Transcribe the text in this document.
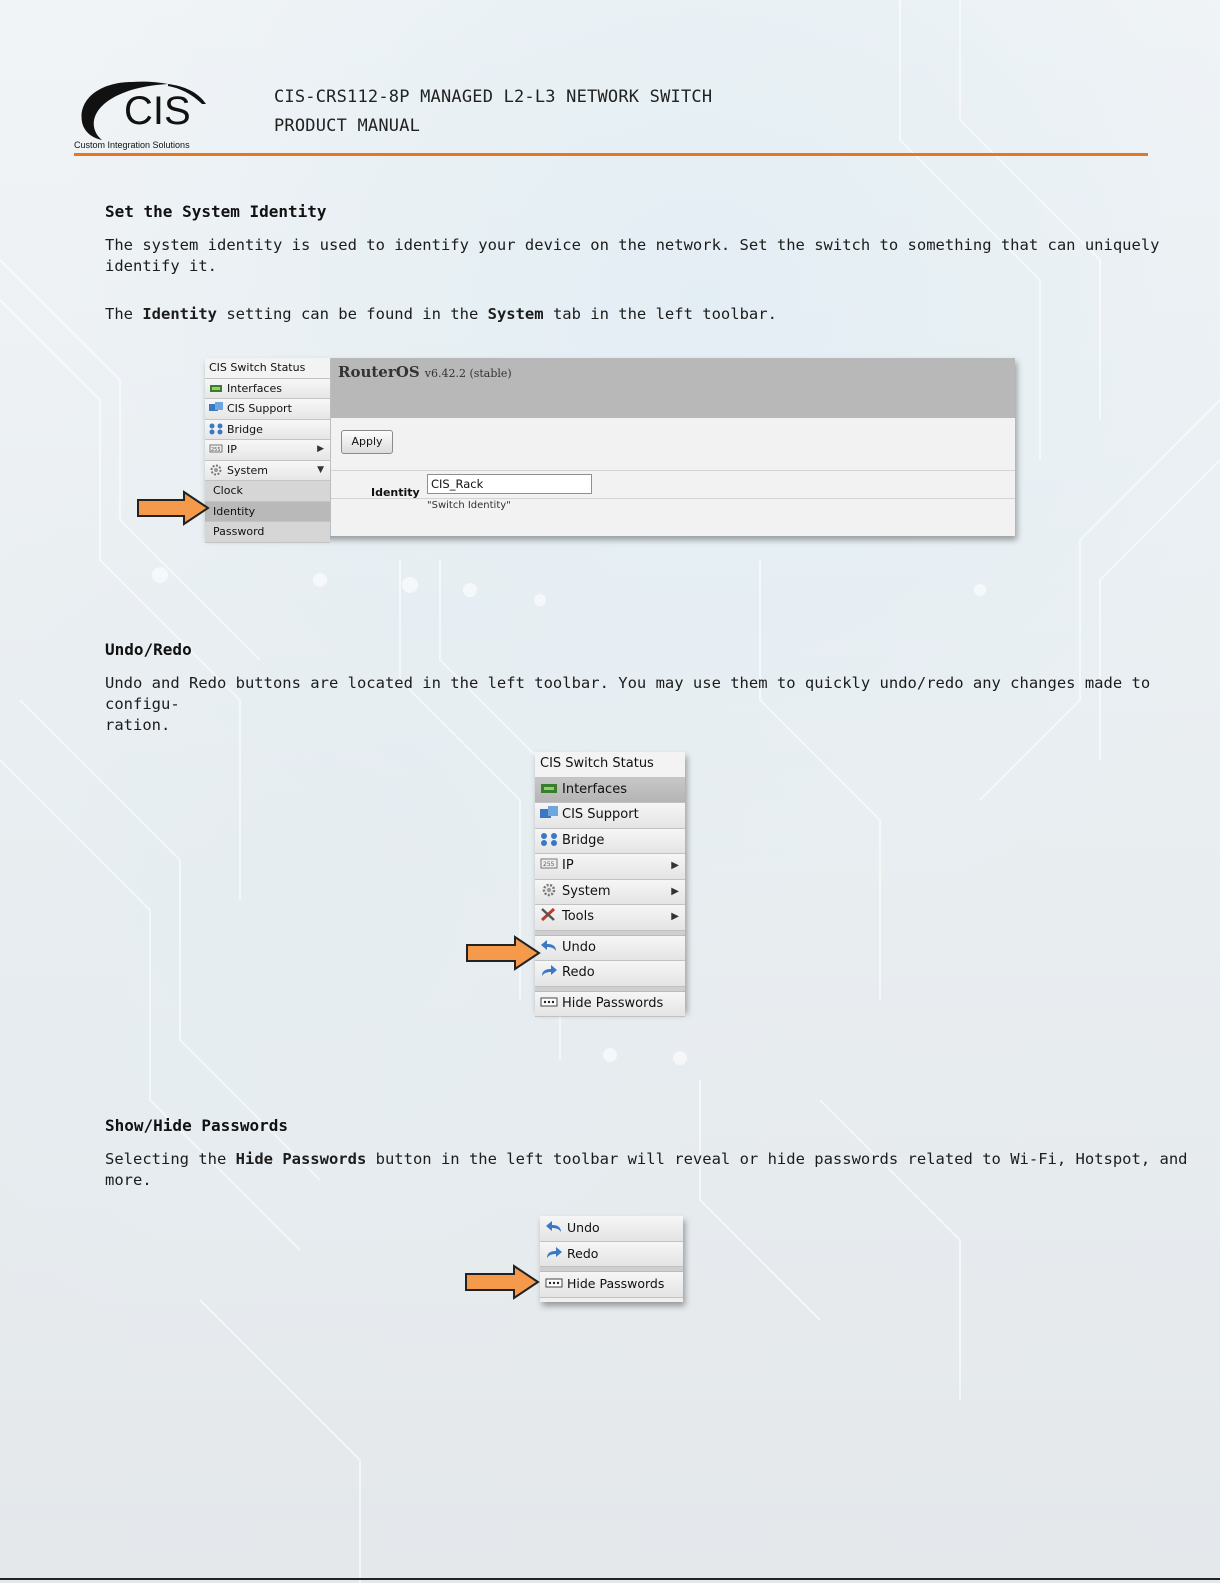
CIS
Custom Integration Solutions
CIS-CRS112-8P MANAGED L2-L3 NETWORK SWITCH
PRODUCT MANUAL
Set the System Identity
The system identity is used to identify your device on the network. Set the switch to something that can uniquely identify it.
The Identity setting can be found in the System tab in the left toolbar.
CIS Switch Status
Interfaces
CIS Support
Bridge
255 IP	▶
System	▼
Clock
Identity
Password
RouterOS v6.42.2 (stable)
Apply
Identity
CIS_Rack
"Switch Identity"
Undo/Redo
Undo and Redo buttons are located in the left toolbar. You may use them to quickly undo/redo any changes made to configu-
ration.
CIS Switch Status
Interfaces
CIS Support
Bridge
255 IP	▶
System	▶
Tools	▶
Undo
Redo
Hide Passwords
Show/Hide Passwords
Selecting the Hide Passwords button in the left toolbar will reveal or hide passwords related to Wi-Fi, Hotspot, and more.
Undo
Redo
Hide Passwords
